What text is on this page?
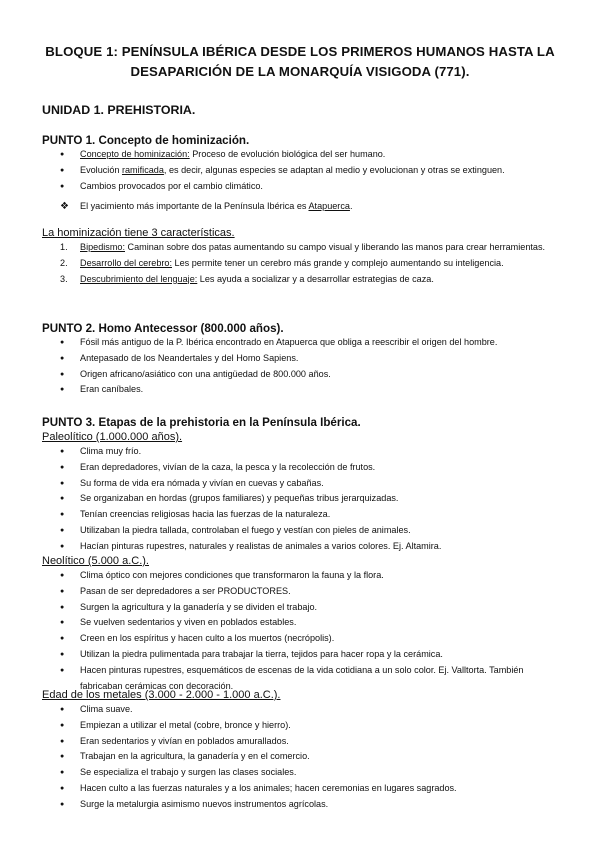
BLOQUE 1: PENÍNSULA IBÉRICA DESDE LOS PRIMEROS HUMANOS HASTA LA
DESAPARICIÓN DE LA MONARQUÍA VISIGODA (771).
UNIDAD 1. PREHISTORIA.
PUNTO 1. Concepto de hominización.
● Concepto de hominización: Proceso de evolución biológica del ser humano.
● Evolución ramificada, es decir, algunas especies se adaptan al medio y evolucionan y otras se extinguen.
● Cambios provocados por el cambio climático.
❖ El yacimiento más importante de la Península Ibérica es Atapuerca.
La hominización tiene 3 características.
1 . Bipedismo: Caminan sobre dos patas aumentando su campo visual y liberando las manos para crear herramientas.
2 . Desarrollo del cerebro: Les permite tener un cerebro más grande y complejo aumentando su inteligencia.
3 . Descubrimiento del lenguaje: Les ayuda a socializar y a desarrollar estrategias de caza.
PUNTO 2. Homo Antecessor (800.000 años).
● Fósil más antiguo de la P. Ibérica encontrado en Atapuerca que obliga a reescribir el origen del hombre.
● Antepasado de los Neandertales y del Homo Sapiens.
● Origen africano/asiático con una antigüedad de 800.000 años.
● Eran caníbales.
PUNTO 3. Etapas de la prehistoria en la Península Ibérica.
Paleolítico (1.000.000 años).
● Clima muy frío.
● Eran depredadores, vivían de la caza, la pesca y la recolección de frutos.
● Su forma de vida era nómada y vivían en cuevas y cabañas.
● Se organizaban en hordas (grupos familiares) y pequeñas tribus jerarquizadas.
● Tenían creencias religiosas hacia las fuerzas de la naturaleza.
● Utilizaban la piedra tallada, controlaban el fuego y vestían con pieles de animales.
● Hacían pinturas rupestres, naturales y realistas de animales a varios colores. Ej. Altamira.
Neolítico (5.000 a.C.).
● Clima óptico con mejores condiciones que transformaron la fauna y la flora.
● Pasan de ser depredadores a ser PRODUCTORES.
● Surgen la agricultura y la ganadería y se dividen el trabajo.
● Se vuelven sedentarios y viven en poblados estables.
● Creen en los espíritus y hacen culto a los muertos (necrópolis).
● Utilizan la piedra pulimentada para trabajar la tierra, tejidos para hacer ropa y la cerámica.
● Hacen pinturas rupestres, esquemáticos de escenas de la vida cotidiana a un solo color. Ej. Valltorta. También fabricaban cerámicas con decoración.
Edad de los metales (3.000 - 2.000 - 1.000 a.C.).
● Clima suave.
● Empiezan a utilizar el metal (cobre, bronce y hierro).
● Eran sedentarios y vivían en poblados amurallados.
● Trabajan en la agricultura, la ganadería y en el comercio.
● Se especializa el trabajo y surgen las clases sociales.
● Hacen culto a las fuerzas naturales y a los animales; hacen ceremonias en lugares sagrados.
● Surge la metalurgia asimismo nuevos instrumentos agrícolas.
